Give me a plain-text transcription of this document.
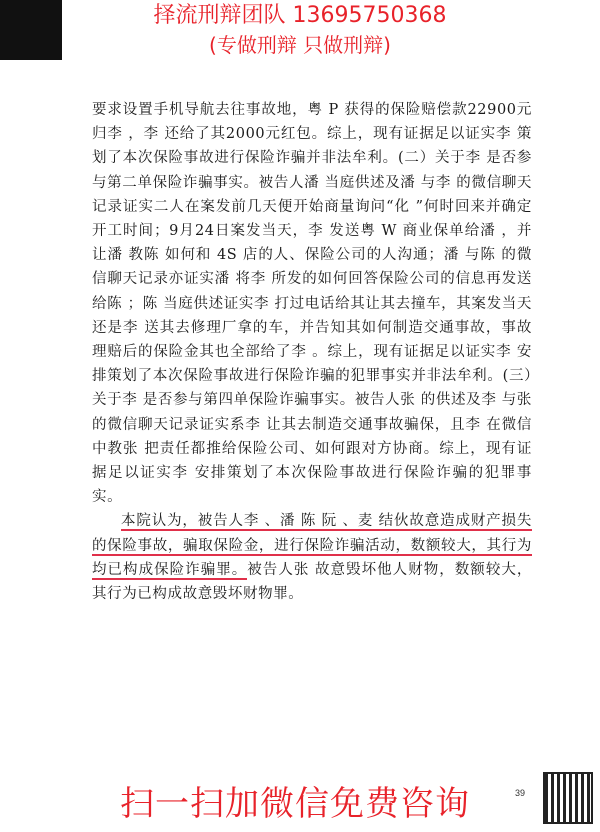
择流刑辩团队 13695750368
(专做刑辩 只做刑辩)

要求设置手机导航去往事故地，粤 P 获得的保险赔偿款22900元归李 ，李 还给了其2000元红包。综上，现有证据足以证实李 策划了本次保险事故进行保险诈骗并非法牟利。(二）关于李 是否参与第二单保险诈骗事实。被告人潘 当庭供述及潘 与李 的微信聊天记录证实二人在案发前几天便开始商量询问“化 ”何时回来并确定开工时间；9月24日案发当天，李 发送粤 W 商业保单给潘 ，并让潘 教陈 如何和 4S 店的人、保险公司的人沟通；潘 与陈 的微信聊天记录亦证实潘 将李 所发的如何回答保险公司的信息再发送给陈 ；陈 当庭供述证实李 打过电话给其让其去撞车，其案发当天还是李 送其去修理厂拿的车，并告知其如何制造交通事故，事故理赔后的保险金其也全部给了李 。综上，现有证据足以证实李 安排策划了本次保险事故进行保险诈骗的犯罪事实并非法牟利。(三）关于李 是否参与第四单保险诈骗事实。被告人张 的供述及李 与张 的微信聊天记录证实系李 让其去制造交通事故骗保，且李 在微信中教张 把责任都推给保险公司、如何跟对方协商。综上，现有证据足以证实李 安排策划了本次保险事故进行保险诈骗的犯罪事实。

本院认为，被告人李 、潘 陈 阮 、麦 结伙故意造成财产损失的保险事故，骗取保险金，进行保险诈骗活动，数额较大，其行为均已构成保险诈骗罪。被告人张 故意毁坏他人财物，数额较大，其行为已构成故意毁坏财物罪。

39
扫一扫加微信免费咨询
